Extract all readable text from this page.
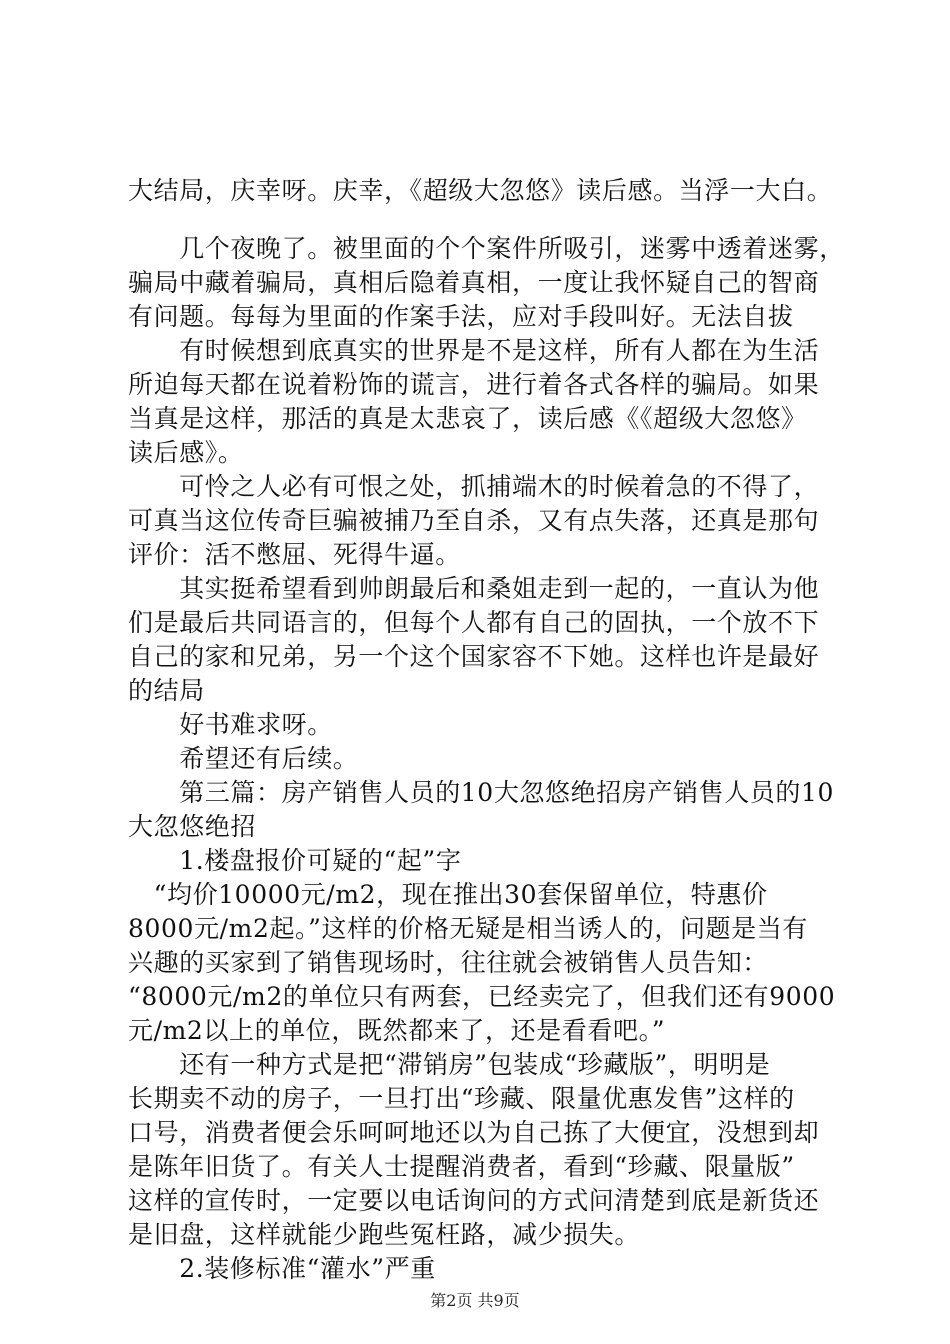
大结局，庆幸呀。庆幸，《超级大忽悠》读后感。当浮一大白。
　　几个夜晚了。被里面的个个案件所吸引，迷雾中透着迷雾，
骗局中藏着骗局，真相后隐着真相，一度让我怀疑自己的智商
有问题。每每为里面的作案手法，应对手段叫好。无法自拔
　　有时候想到底真实的世界是不是这样，所有人都在为生活
所迫每天都在说着粉饰的谎言，进行着各式各样的骗局。如果
当真是这样，那活的真是太悲哀了，读后感《《超级大忽悠》
读后感》。
　　可怜之人必有可恨之处，抓捕端木的时候着急的不得了，
可真当这位传奇巨骗被捕乃至自杀，又有点失落，还真是那句
评价：活不憋屈、死得牛逼。
　　其实挺希望看到帅朗最后和桑姐走到一起的，一直认为他
们是最后共同语言的，但每个人都有自己的固执，一个放不下
自己的家和兄弟，另一个这个国家容不下她。这样也许是最好
的结局
　　好书难求呀。
　　希望还有后续。
　　第三篇：房产销售人员的10大忽悠绝招房产销售人员的10
大忽悠绝招
　　1.楼盘报价可疑的“起”字
　“均价10000元/m2，现在推出30套保留单位，特惠价
8000元/m2起。”这样的价格无疑是相当诱人的，问题是当有
兴趣的买家到了销售现场时，往往就会被销售人员告知：
“8000元/m2的单位只有两套，已经卖完了，但我们还有9000
元/m2以上的单位，既然都来了，还是看看吧。”
　　还有一种方式是把“滞销房”包装成“珍藏版”，明明是
长期卖不动的房子，一旦打出“珍藏、限量优惠发售”这样的
口号，消费者便会乐呵呵地还以为自己拣了大便宜，没想到却
是陈年旧货了。有关人士提醒消费者，看到“珍藏、限量版”
这样的宣传时，一定要以电话询问的方式问清楚到底是新货还
是旧盘，这样就能少跑些冤枉路，减少损失。
　　2.装修标准“灌水”严重
第2页 共9页
